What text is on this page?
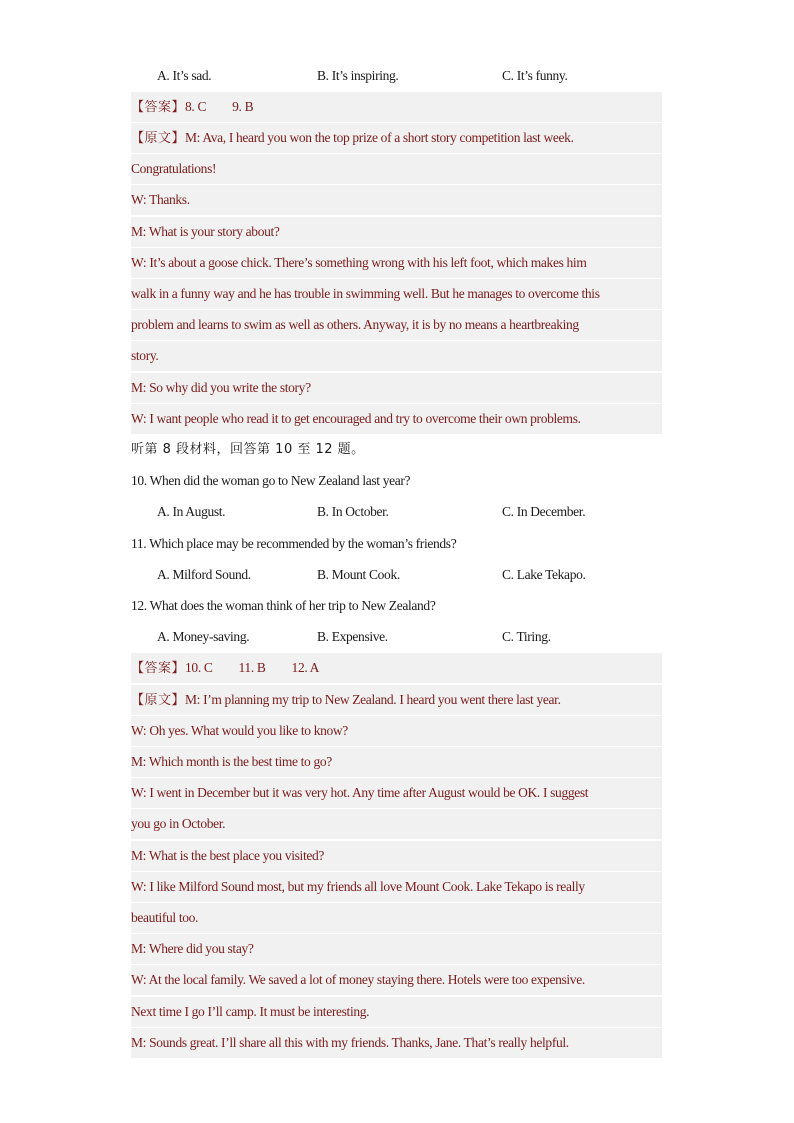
A. It’s sad.	B. It’s inspiring.	C. It’s funny.
【答案】8. C 9. B
【原文】M: Ava, I heard you won the top prize of a short story competition last week.
Congratulations!
W: Thanks.
M: What is your story about?
W: It’s about a goose chick. There’s something wrong with his left foot, which makes him
walk in a funny way and he has trouble in swimming well. But he manages to overcome this
problem and learns to swim as well as others. Anyway, it is by no means a heartbreaking
story.
M: So why did you write the story?
W: I want people who read it to get encouraged and try to overcome their own problems.
听第 8 段材料，回答第 10 至 12 题。
10. When did the woman go to New Zealand last year?
A. In August.	B. In October.	C. In December.
11. Which place may be recommended by the woman’s friends?
A. Milford Sound.	B. Mount Cook.	C. Lake Tekapo.
12. What does the woman think of her trip to New Zealand?
A. Money-saving.	B. Expensive.	C. Tiring.
【答案】10. C 11. B 12. A
【原文】M: I’m planning my trip to New Zealand. I heard you went there last year.
W: Oh yes. What would you like to know?
M: Which month is the best time to go?
W: I went in December but it was very hot. Any time after August would be OK. I suggest
you go in October.
M: What is the best place you visited?
W: I like Milford Sound most, but my friends all love Mount Cook. Lake Tekapo is really
beautiful too.
M: Where did you stay?
W: At the local family. We saved a lot of money staying there. Hotels were too expensive.
Next time I go I’ll camp. It must be interesting.
M: Sounds great. I’ll share all this with my friends. Thanks, Jane. That’s really helpful.
